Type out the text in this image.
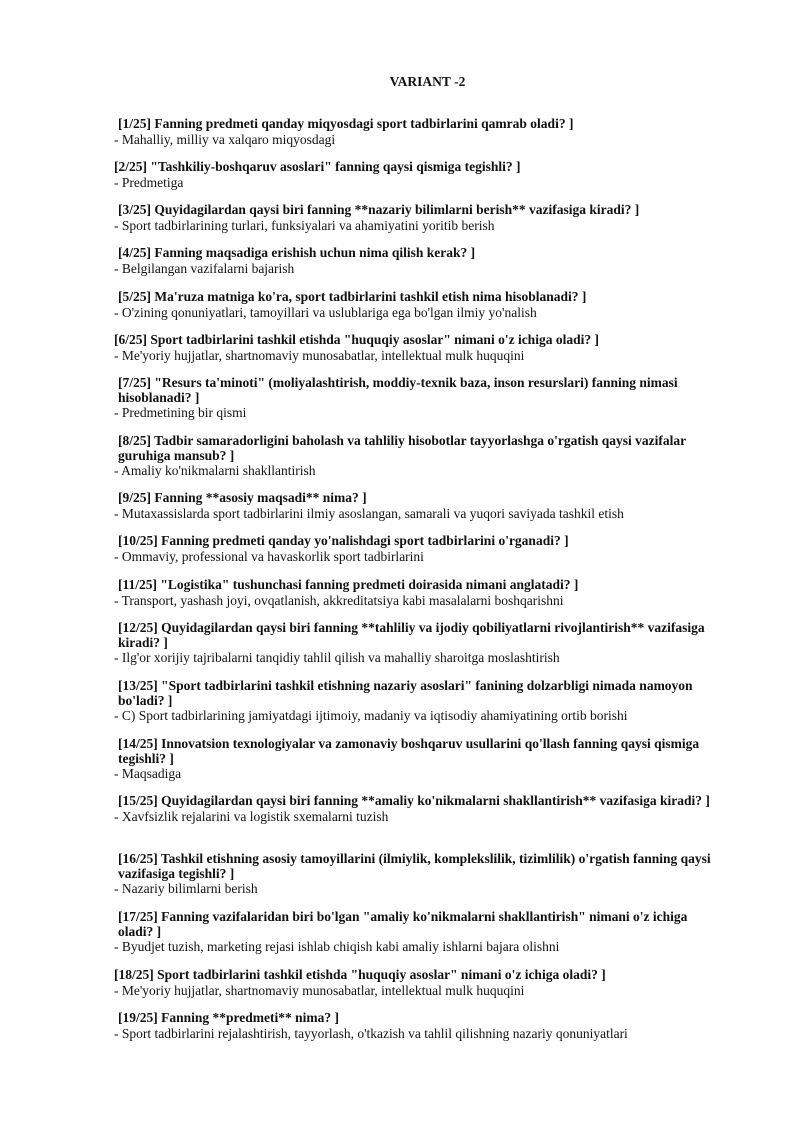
VARIANT -2

[1/25] Fanning predmeti qanday miqyosdagi sport tadbirlarini qamrab oladi? ]

- Mahalliy, milliy va xalqaro miqyosdagi

[2/25] "Tashkiliy-boshqaruv asoslari" fanning qaysi qismiga tegishli? ]

- Predmetiga

[3/25] Quyidagilardan qaysi biri fanning **nazariy bilimlarni berish** vazifasiga kiradi? ]

- Sport tadbirlarining turlari, funksiyalari va ahamiyatini yoritib berish

[4/25] Fanning maqsadiga erishish uchun nima qilish kerak? ]

- Belgilangan vazifalarni bajarish

[5/25] Ma'ruza matniga ko'ra, sport tadbirlarini tashkil etish nima hisoblanadi? ]

- O'zining qonuniyatlari, tamoyillari va uslublariga ega bo'lgan ilmiy yo'nalish

[6/25] Sport tadbirlarini tashkil etishda "huquqiy asoslar" nimani o'z ichiga oladi? ]

- Me'yoriy hujjatlar, shartnomaviy munosabatlar, intellektual mulk huquqini

[7/25] "Resurs ta'minoti" (moliyalashtirish, moddiy-texnik baza, inson resurslari) fanning nimasi hisoblanadi? ]

- Predmetining bir qismi

[8/25] Tadbir samaradorligini baholash va tahliliy hisobotlar tayyorlashga o'rgatish qaysi vazifalar guruhiga mansub? ]

- Amaliy ko'nikmalarni shakllantirish

[9/25] Fanning **asosiy maqsadi** nima? ]

- Mutaxassislarda sport tadbirlarini ilmiy asoslangan, samarali va yuqori saviyada tashkil etish

[10/25] Fanning predmeti qanday yo'nalishdagi sport tadbirlarini o'rganadi? ]

- Ommaviy, professional va havaskorlik sport tadbirlarini

[11/25] "Logistika" tushunchasi fanning predmeti doirasida nimani anglatadi? ]

- Transport, yashash joyi, ovqatlanish, akkreditatsiya kabi masalalarni boshqarishni

[12/25] Quyidagilardan qaysi biri fanning **tahliliy va ijodiy qobiliyatlarni rivojlantirish** vazifasiga kiradi? ]

- Ilg'or xorijiy tajribalarni tanqidiy tahlil qilish va mahalliy sharoitga moslashtirish

[13/25] "Sport tadbirlarini tashkil etishning nazariy asoslari" fanining dolzarbligi nimada namoyon bo'ladi? ]

- C) Sport tadbirlarining jamiyatdagi ijtimoiy, madaniy va iqtisodiy ahamiyatining ortib borishi

[14/25] Innovatsion texnologiyalar va zamonaviy boshqaruv usullarini qo'llash fanning qaysi qismiga tegishli? ]

- Maqsadiga

[15/25] Quyidagilardan qaysi biri fanning **amaliy ko'nikmalarni shakllantirish** vazifasiga kiradi? ]

- Xavfsizlik rejalarini va logistik sxemalarni tuzish

[16/25] Tashkil etishning asosiy tamoyillarini (ilmiylik, komplekslilik, tizimlilik) o'rgatish fanning qaysi vazifasiga tegishli? ]

- Nazariy bilimlarni berish

[17/25] Fanning vazifalaridan biri bo'lgan "amaliy ko'nikmalarni shakllantirish" nimani o'z ichiga oladi? ]

- Byudjet tuzish, marketing rejasi ishlab chiqish kabi amaliy ishlarni bajara olishni

[18/25] Sport tadbirlarini tashkil etishda "huquqiy asoslar" nimani o'z ichiga oladi? ]

- Me'yoriy hujjatlar, shartnomaviy munosabatlar, intellektual mulk huquqini

[19/25] Fanning **predmeti** nima? ]

- Sport tadbirlarini rejalashtirish, tayyorlash, o'tkazish va tahlil qilishning nazariy qonuniyatlari
